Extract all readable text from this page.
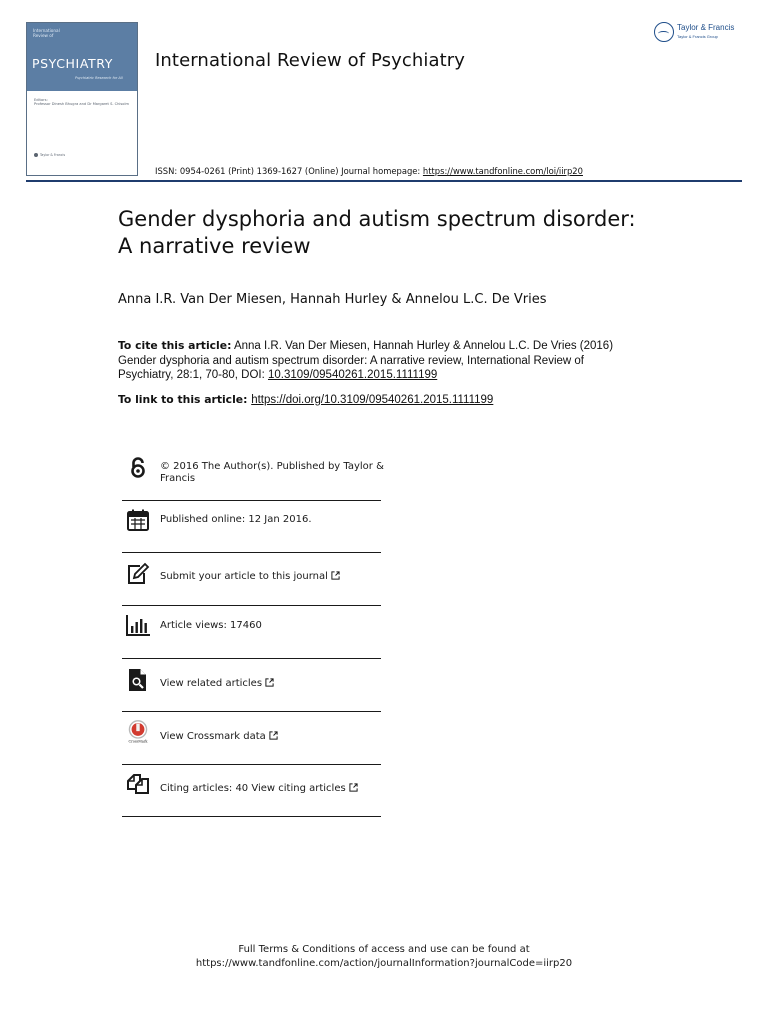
International
Review of
PSYCHIATRY
Psychiatric Research for All
Editors:
Professor Dinesh Bhugra and Dr Margaret S. Chisolm
Taylor & Francis
International Review of Psychiatry
Taylor & Francis
Taylor & Francis Group
ISSN: 0954-0261 (Print) 1369-1627 (Online) Journal homepage: https://www.tandfonline.com/loi/iirp20
Gender dysphoria and autism spectrum disorder:
A narrative review
Anna I.R. Van Der Miesen, Hannah Hurley & Annelou L.C. De Vries
To cite this article: Anna I.R. Van Der Miesen, Hannah Hurley & Annelou L.C. De Vries (2016) Gender dysphoria and autism spectrum disorder: A narrative review, International Review of Psychiatry, 28:1, 70-80, DOI: 10.3109/09540261.2015.1111199
To link to this article: https://doi.org/10.3109/09540261.2015.1111199
© 2016 The Author(s). Published by Taylor & Francis
Published online: 12 Jan 2016.
Submit your article to this journal
Article views: 17460
View related articles
CrossMark View Crossmark data
Citing articles: 40 View citing articles
Full Terms & Conditions of access and use can be found at
https://www.tandfonline.com/action/journalInformation?journalCode=iirp20
